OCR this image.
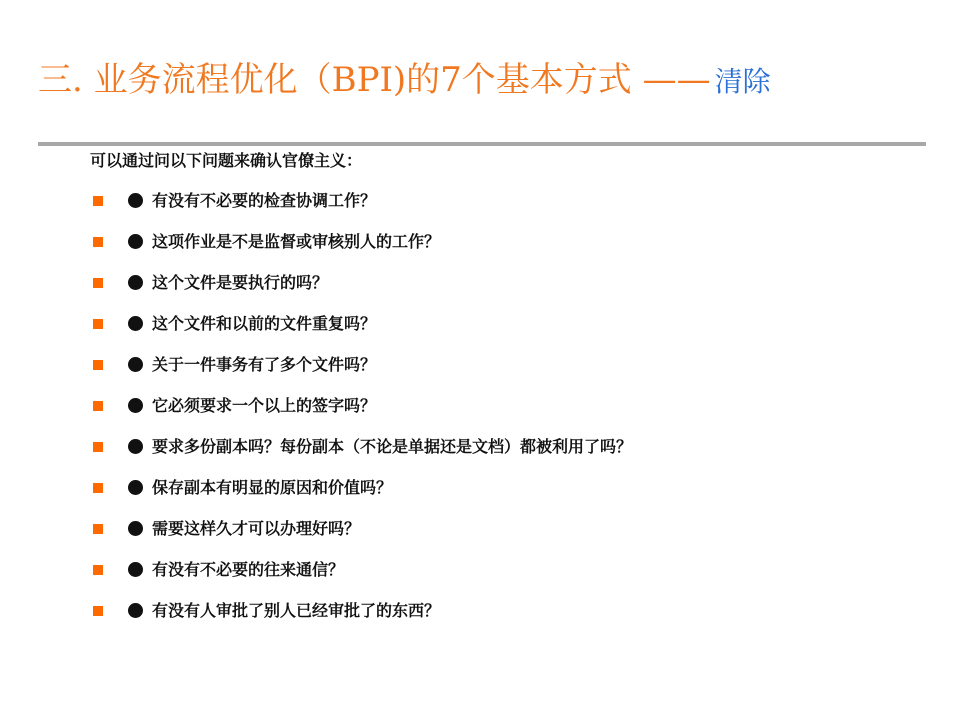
三. 业务流程优化（BPI)的7个基本方式 —— 清除
可以通过问以下问题来确认官僚主义：
有没有不必要的检查协调工作？
这项作业是不是监督或审核别人的工作？
这个文件是要执行的吗？
这个文件和以前的文件重复吗？
关于一件事务有了多个文件吗？
它必须要求一个以上的签字吗？
要求多份副本吗？每份副本（不论是单据还是文档）都被利用了吗？
保存副本有明显的原因和价值吗？
需要这样久才可以办理好吗？
有没有不必要的往来通信？
有没有人审批了别人已经审批了的东西？
